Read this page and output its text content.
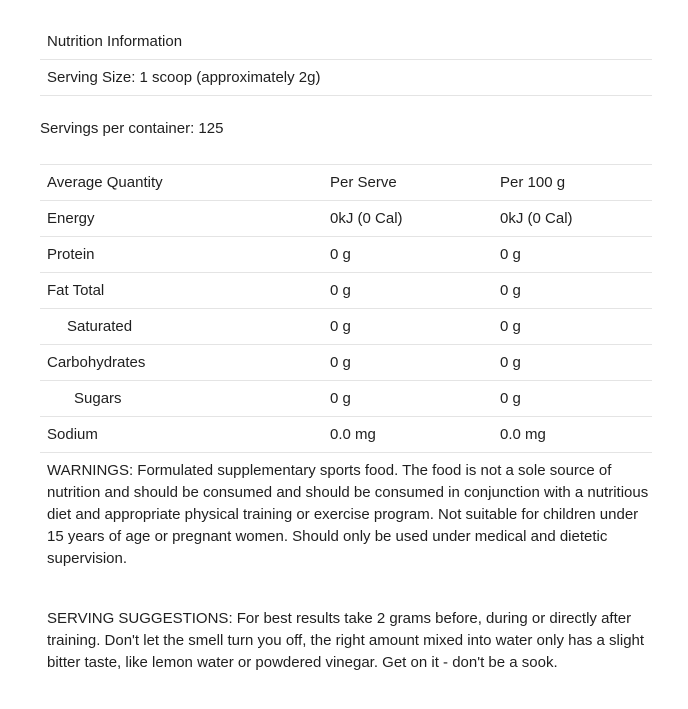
Nutrition Information
Serving Size: 1 scoop (approximately 2g)
Servings per container: 125
Average Quantity	Per Serve	Per 100 g
Energy	0kJ (0 Cal)	0kJ (0 Cal)
Protein	0 g	0 g
Fat Total	0 g	0 g
Saturated	0 g	0 g
Carbohydrates	0 g	0 g
Sugars	0 g	0 g
Sodium	0.0 mg	0.0 mg
WARNINGS: Formulated supplementary sports food. The food is not a sole source of nutrition and should be consumed and should be consumed in conjunction with a nutritious diet and appropriate physical training or exercise program. Not suitable for children under 15 years of age or pregnant women. Should only be used under medical and dietetic supervision.
SERVING SUGGESTIONS: For best results take 2 grams before, during or directly after training. Don't let the smell turn you off, the right amount mixed into water only has a slight bitter taste, like lemon water or powdered vinegar. Get on it - don't be a sook.
